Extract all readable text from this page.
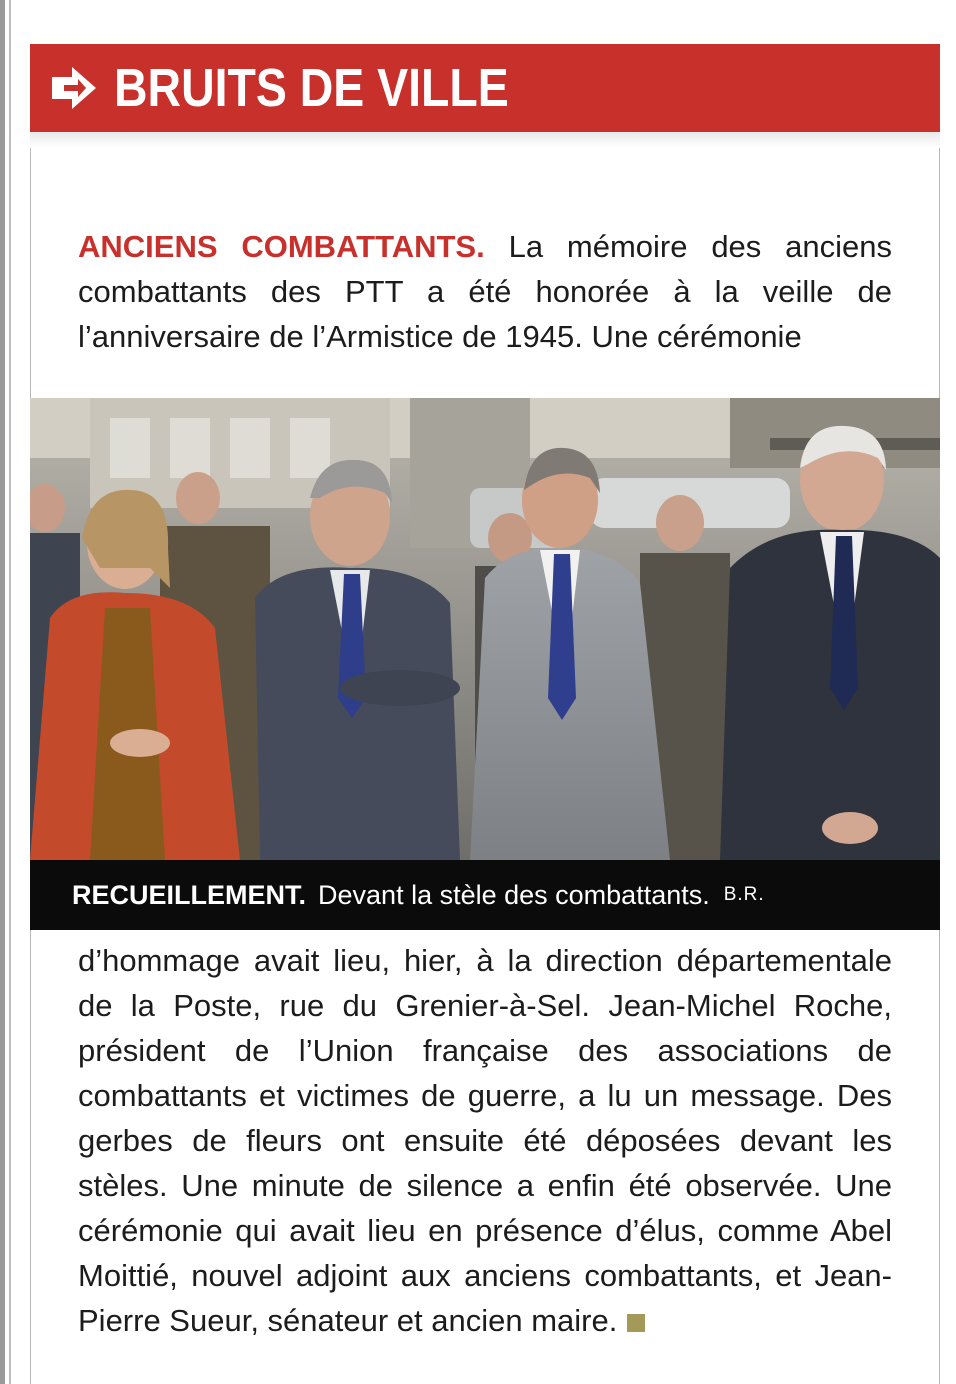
BRUITS DE VILLE

ANCIENS COMBATTANTS. La mémoire des anciens combattants des PTT a été honorée à la veille de l’anniversaire de l’Armistice de 1945. Une cérémonie

RECUEILLEMENT. Devant la stèle des combattants. B.R.

d’hommage avait lieu, hier, à la direction départementale de la Poste, rue du Grenier-à-Sel. Jean-Michel Roche, président de l’Union française des associations de combattants et victimes de guerre, a lu un message. Des gerbes de fleurs ont ensuite été déposées devant les stèles. Une minute de silence a enfin été observée. Une cérémonie qui avait lieu en présence d’élus, comme Abel Moittié, nouvel adjoint aux anciens combattants, et Jean-Pierre Sueur, sénateur et ancien maire.
